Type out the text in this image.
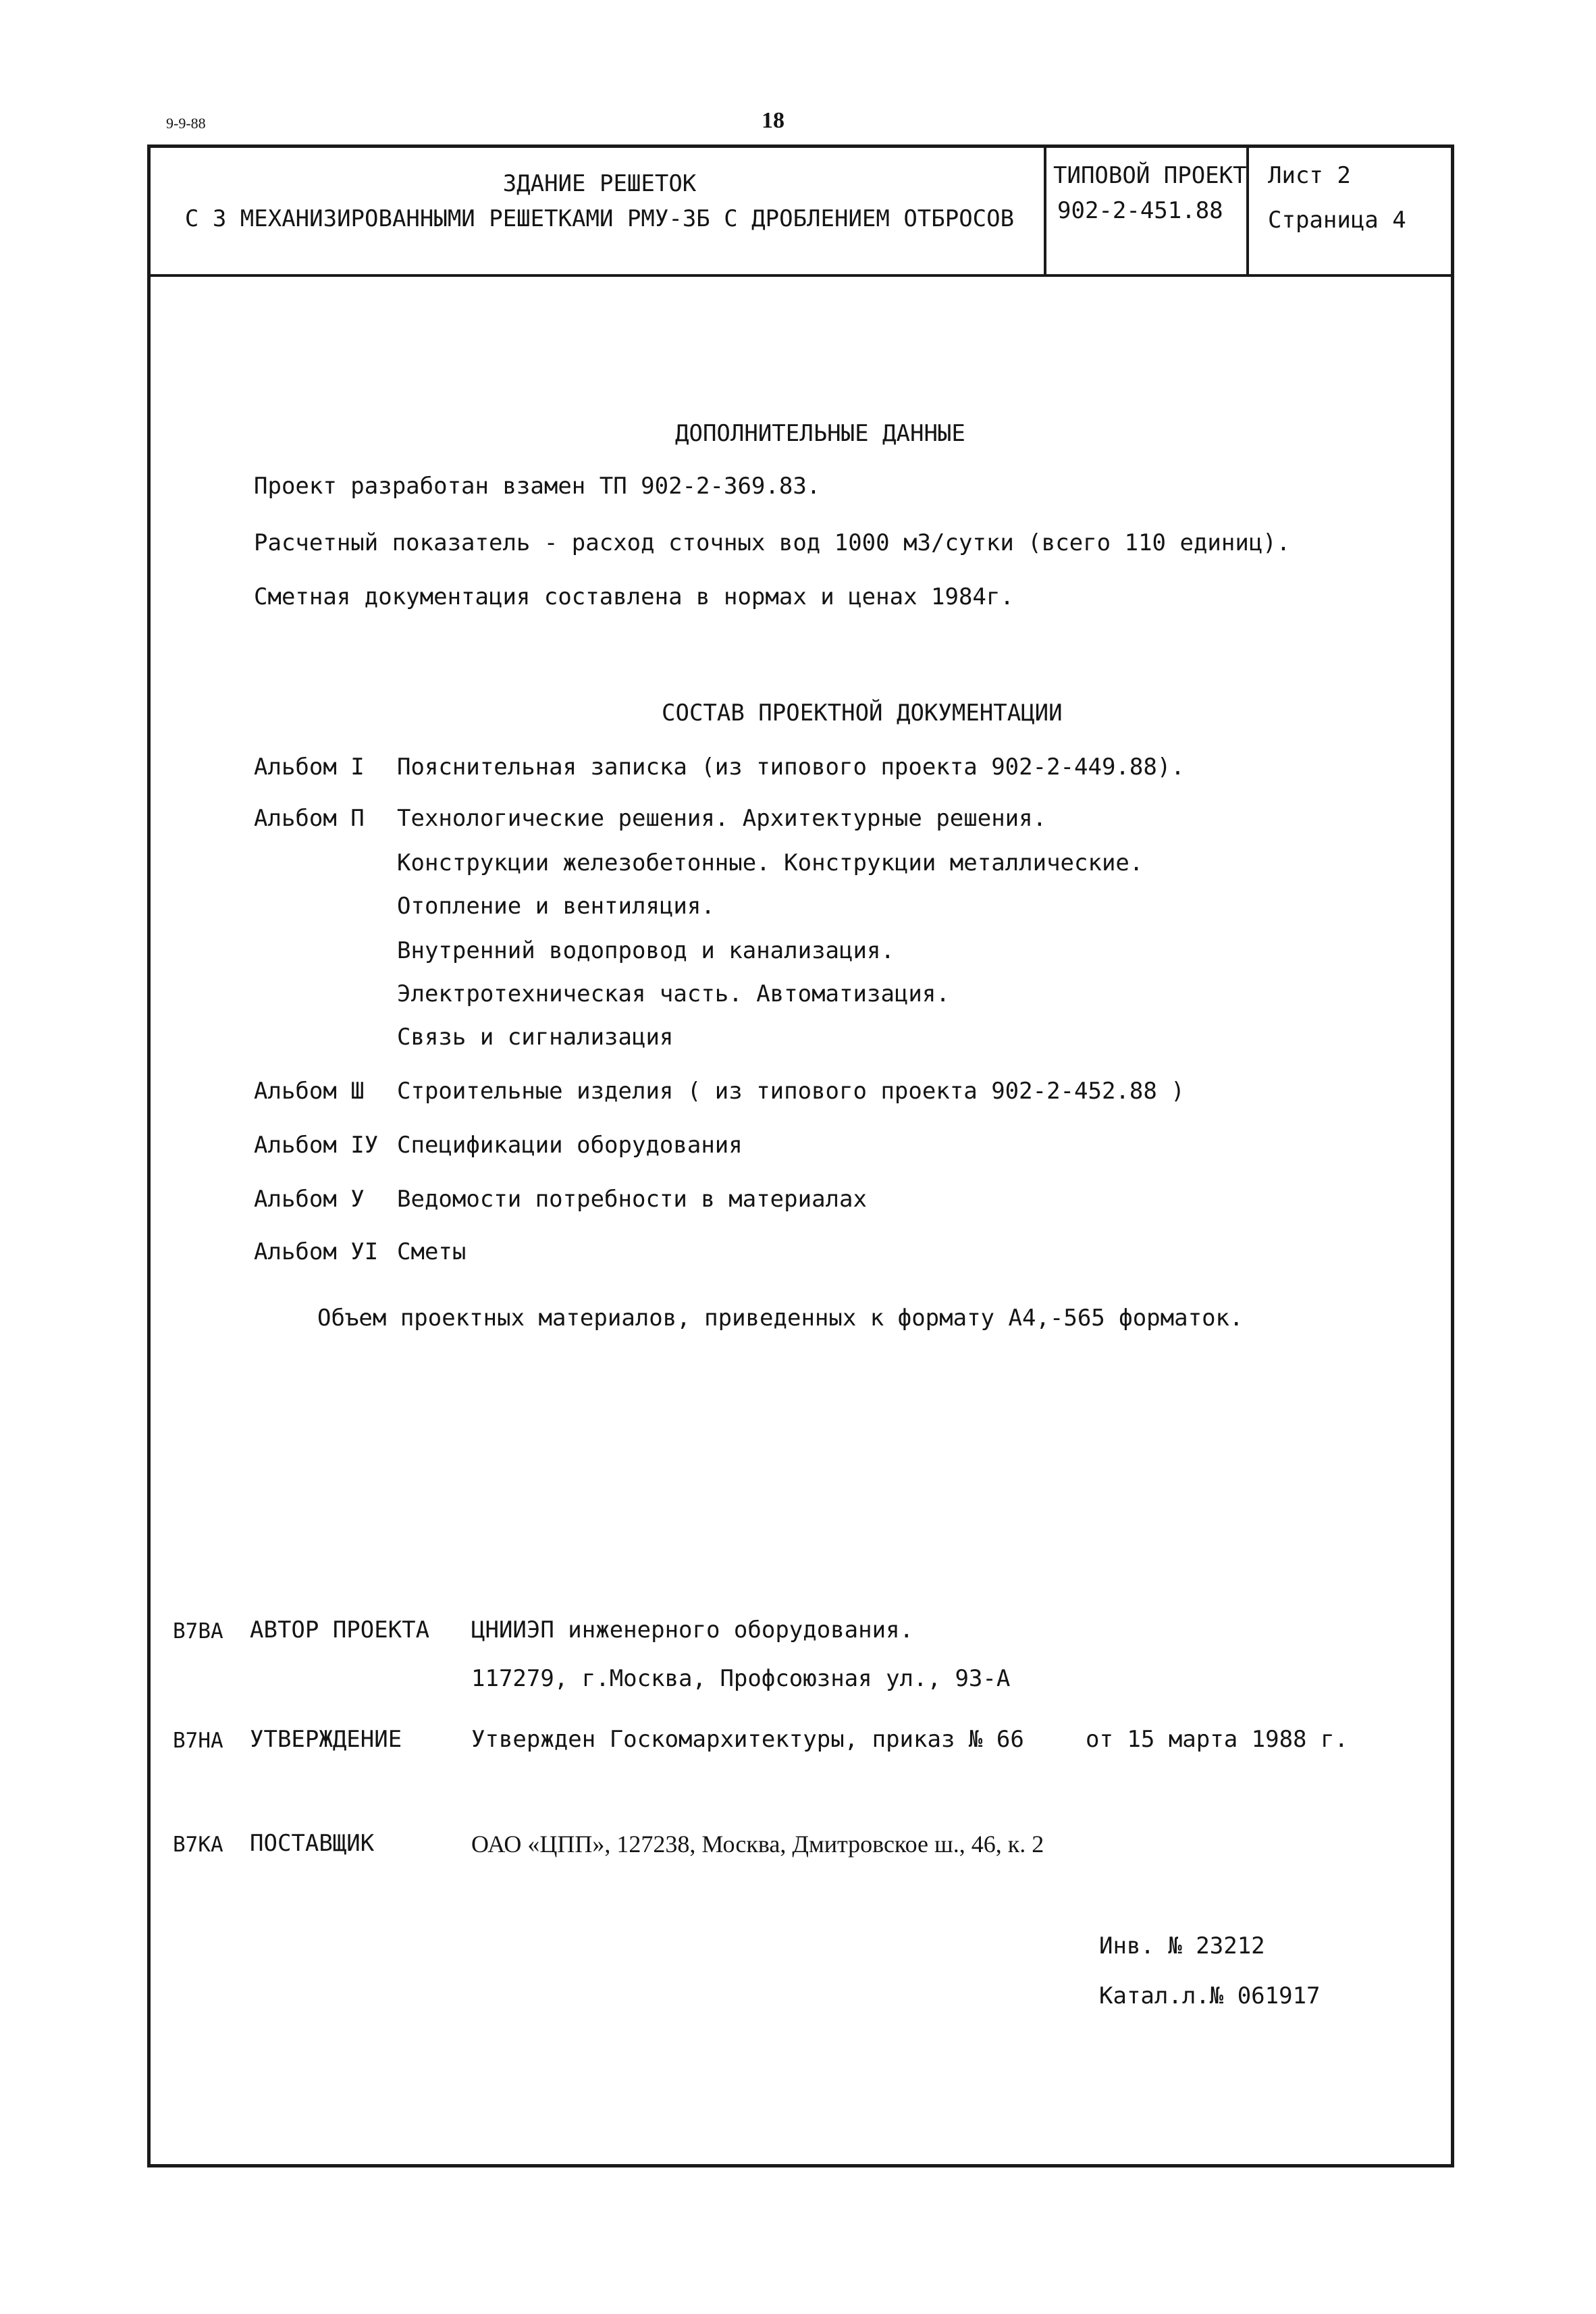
9-9-88	18
ЗДАНИЕ РЕШЕТОК
С 3 МЕХАНИЗИРОВАННЫМИ РЕШЕТКАМИ РМУ-3Б С ДРОБЛЕНИЕМ ОТБРОСОВ
ТИПОВОЙ ПРОЕКТ
902-2-451.88
Лист 2
Страница 4
ДОПОЛНИТЕЛЬНЫЕ ДАННЫЕ
Проект разработан взамен ТП 902-2-369.83.
Расчетный показатель - расход сточных вод 1000 м3/сутки (всего 110 единиц).
Сметная документация составлена в нормах и ценах 1984г.
СОСТАВ ПРОЕКТНОЙ ДОКУМЕНТАЦИИ
Альбом I Пояснительная записка (из типового проекта 902-2-449.88).
Альбом П Технологические решения. Архитектурные решения.
Конструкции железобетонные. Конструкции металлические.
Отопление и вентиляция.
Внутренний водопровод и канализация.
Электротехническая часть. Автоматизация.
Связь и сигнализация
Альбом Ш Строительные изделия ( из типового проекта 902-2-452.88 )
Альбом IУ Спецификации оборудования
Альбом У Ведомости потребности в материалах
Альбом УI Сметы
Объем проектных материалов, приведенных к формату А4,-565 форматок.
В7ВА АВТОР ПРОЕКТА ЦНИИЭП инженерного оборудования.
117279, г.Москва, Профсоюзная ул., 93-А
В7НА УТВЕРЖДЕНИЕ	Утвержден Госкомархитектуры, приказ № 66	от 15 марта 1988 г.
В7КА ПОСТАВЩИК	ОАО «ЦПП», 127238, Москва, Дмитровское ш., 46, к. 2
Инв. № 23212
Катал.л.№ 061917
